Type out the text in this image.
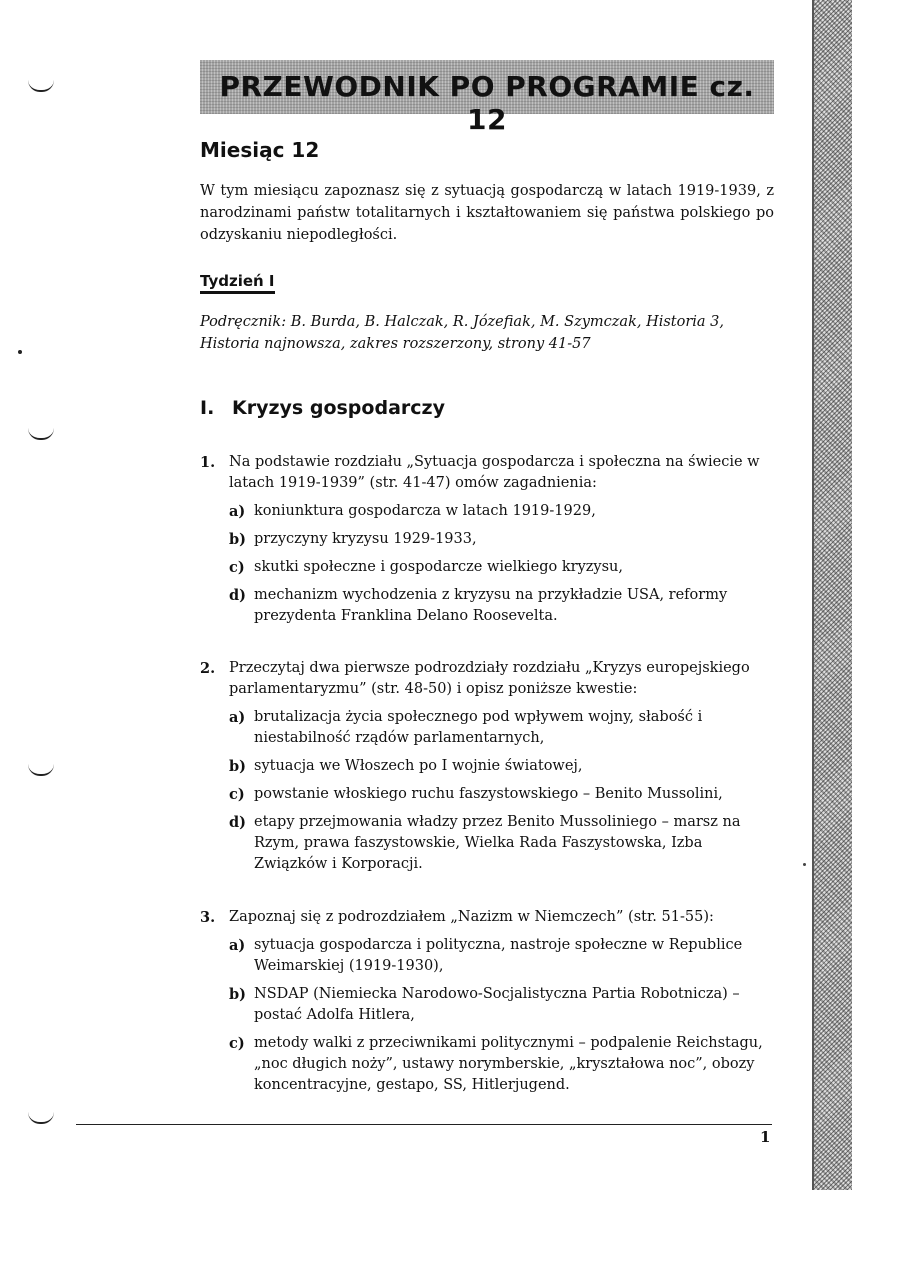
PRZEWODNIK PO PROGRAMIE cz. 12
Miesiąc 12
W tym miesiącu zapoznasz się z sytuacją gospodarczą w latach 1919-1939, z narodzinami państw totalitarnych i kształtowaniem się państwa polskiego po odzyskaniu niepodległości.
Tydzień I
Podręcznik: B. Burda, B. Halczak, R. Józefiak, M. Szymczak, Historia 3, Historia najnowsza, zakres rozszerzony, strony 41-57
I. Kryzys gospodarczy
1. Na podstawie rozdziału „Sytuacja gospodarcza i społeczna na świecie w latach 1919-1939” (str. 41-47) omów zagadnienia:
a) koniunktura gospodarcza w latach 1919-1929,
b) przyczyny kryzysu 1929-1933,
c) skutki społeczne i gospodarcze wielkiego kryzysu,
d) mechanizm wychodzenia z kryzysu na przykładzie USA, reformy prezydenta Franklina Delano Roosevelta.
2. Przeczytaj dwa pierwsze podrozdziały rozdziału „Kryzys europejskiego parlamentaryzmu” (str. 48-50) i opisz poniższe kwestie:
a) brutalizacja życia społecznego pod wpływem wojny, słabość i niestabilność rządów parlamentarnych,
b) sytuacja we Włoszech po I wojnie światowej,
c) powstanie włoskiego ruchu faszystowskiego – Benito Mussolini,
d) etapy przejmowania władzy przez Benito Mussoliniego – marsz na Rzym, prawa faszystowskie, Wielka Rada Faszystowska, Izba Związków i Korporacji.
3. Zapoznaj się z podrozdziałem „Nazizm w Niemczech” (str. 51-55):
a) sytuacja gospodarcza i polityczna, nastroje społeczne w Republice Weimarskiej (1919-1930),
b) NSDAP (Niemiecka Narodowo-Socjalistyczna Partia Robotnicza) – postać Adolfa Hitlera,
c) metody walki z przeciwnikami politycznymi – podpalenie Reichstagu, „noc długich noży”, ustawy norymberskie, „kryształowa noc”, obozy koncentracyjne, gestapo, SS, Hitlerjugend.
1
